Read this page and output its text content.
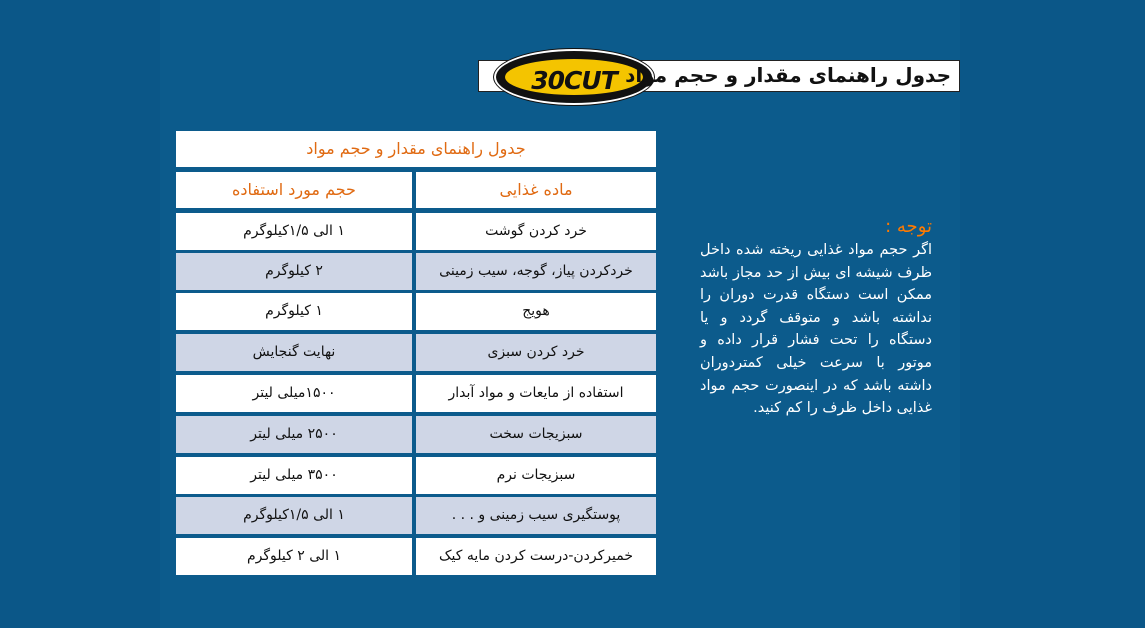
30CUT جدول راهنمای مقدار و حجم مواد
جدول راهنمای مقدار و حجم مواد
ماده غذایی
حجم مورد استفاده
خرد کردن گوشت
۱ الی ۱/۵کیلوگرم
خردکردن پیاز، گوجه، سیب زمینی
۲ کیلوگرم
هویج
۱ کیلوگرم
خرد کردن سبزی
نهایت گنجایش
استفاده از مایعات و مواد آبدار
۱۵۰۰میلی لیتر
سبزیجات سخت
۲۵۰۰ میلی لیتر
سبزیجات نرم
۳۵۰۰ میلی لیتر
پوستگیری سیب زمینی و . . .
۱ الی ۱/۵کیلوگرم
خمیرکردن-درست کردن مایه کیک
۱ الی ۲ کیلوگرم
توجه :
اگر حجم مواد غذایی ریخته شده داخل ظرف شیشه ای بیش از حد مجاز باشد ممکن است دستگاه قدرت دوران را نداشته باشد و متوقف گردد و یا دستگاه را تحت فشار قرار داده و موتور با سرعت خیلی کمتردوران داشته باشد که در اینصورت حجم مواد غذایی داخل ظرف را کم کنید.
